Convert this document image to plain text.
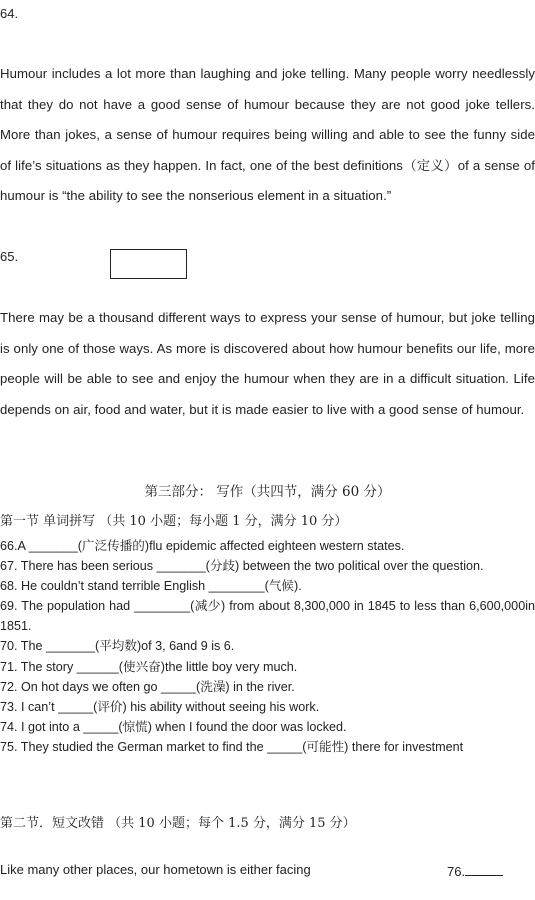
64.
Humour includes a lot more than laughing and joke telling. Many people worry needlessly that they do not have a good sense of humour because they are not good joke tellers. More than jokes, a sense of humour requires being willing and able to see the funny side of life’s situations as they happen. In fact, one of the best definitions（定义）of a sense of humour is “the ability to see the nonserious element in a situation.”
65.
There may be a thousand different ways to express your sense of humour, but joke telling is only one of those ways. As more is discovered about how humour benefits our life, more people will be able to see and enjoy the humour when they are in a difficult situation. Life depends on air, food and water, but it is made easier to live with a good sense of humour.
第三部分： 写作（共四节，满分 60 分）
第一节 单词拼写 （共 10 小题；每小题 1 分，满分 10 分）
66.A _______(广泛传播的)flu epidemic affected eighteen western states.
67. There has been serious _______(分歧) between the two political over the question.
68. He couldn’t stand terrible English ________(气候).
69. The population had ________(减少) from about 8,300,000 in 1845 to less than 6,600,000in 1851.
70. The _______(平均数)of 3, 6and 9 is 6.
71. The story ______(使兴奋)the little boy very much.
72. On hot days we often go _____(洗澡) in the river.
73. I can’t _____(评价) his ability without seeing his work.
74. I got into a _____(惊慌) when I found the door was locked.
75. They studied the German market to find the _____(可能性) there for investment
第二节．短文改错 （共 10 小题；每个 1.5 分，满分 15 分）
Like many other places, our hometown is either facing	76.
